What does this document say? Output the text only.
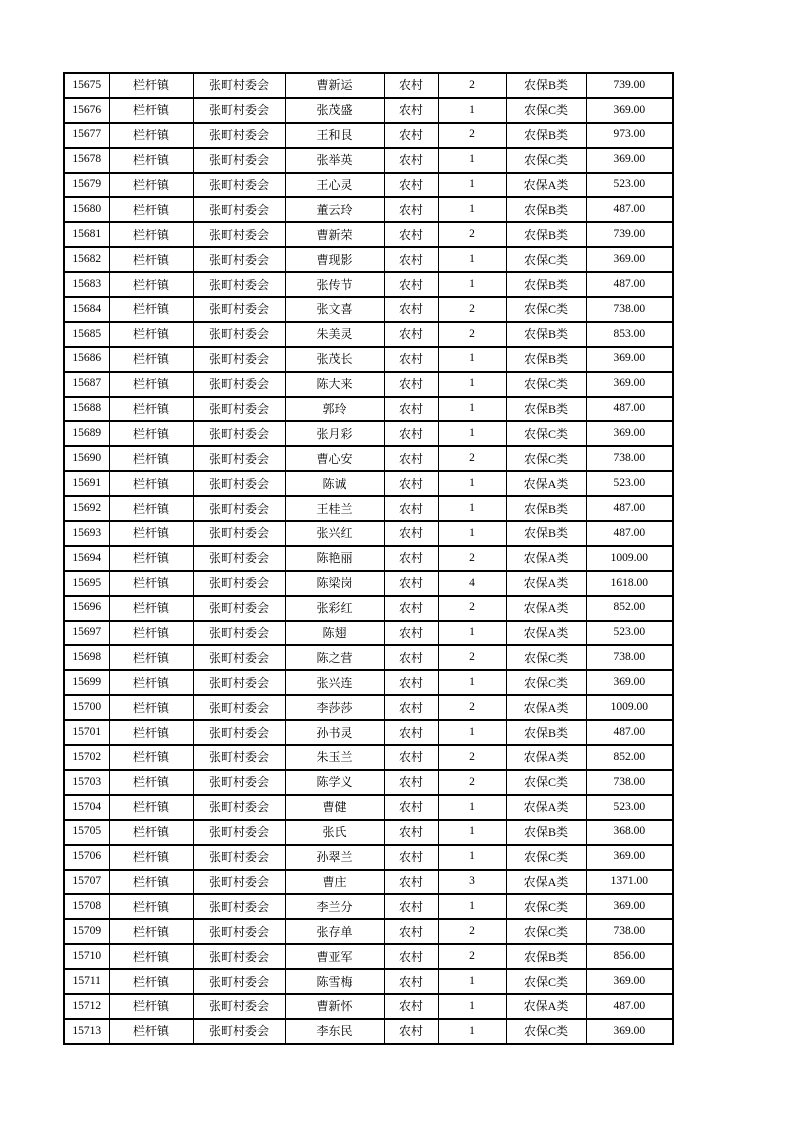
15675	栏杆镇	张町村委会	曹新运	农村	2	农保B类	739.00
15676	栏杆镇	张町村委会	张茂盛	农村	1	农保C类	369.00
15677	栏杆镇	张町村委会	王和艮	农村	2	农保B类	973.00
15678	栏杆镇	张町村委会	张举英	农村	1	农保C类	369.00
15679	栏杆镇	张町村委会	王心灵	农村	1	农保A类	523.00
15680	栏杆镇	张町村委会	董云玲	农村	1	农保B类	487.00
15681	栏杆镇	张町村委会	曹新荣	农村	2	农保B类	739.00
15682	栏杆镇	张町村委会	曹现影	农村	1	农保C类	369.00
15683	栏杆镇	张町村委会	张传节	农村	1	农保B类	487.00
15684	栏杆镇	张町村委会	张文喜	农村	2	农保C类	738.00
15685	栏杆镇	张町村委会	朱美灵	农村	2	农保B类	853.00
15686	栏杆镇	张町村委会	张茂长	农村	1	农保B类	369.00
15687	栏杆镇	张町村委会	陈大来	农村	1	农保C类	369.00
15688	栏杆镇	张町村委会	郭玲	农村	1	农保B类	487.00
15689	栏杆镇	张町村委会	张月彩	农村	1	农保C类	369.00
15690	栏杆镇	张町村委会	曹心安	农村	2	农保C类	738.00
15691	栏杆镇	张町村委会	陈诚	农村	1	农保A类	523.00
15692	栏杆镇	张町村委会	王桂兰	农村	1	农保B类	487.00
15693	栏杆镇	张町村委会	张兴红	农村	1	农保B类	487.00
15694	栏杆镇	张町村委会	陈艳丽	农村	2	农保A类	1009.00
15695	栏杆镇	张町村委会	陈梁岗	农村	4	农保A类	1618.00
15696	栏杆镇	张町村委会	张彩红	农村	2	农保A类	852.00
15697	栏杆镇	张町村委会	陈翅	农村	1	农保A类	523.00
15698	栏杆镇	张町村委会	陈之营	农村	2	农保C类	738.00
15699	栏杆镇	张町村委会	张兴连	农村	1	农保C类	369.00
15700	栏杆镇	张町村委会	李莎莎	农村	2	农保A类	1009.00
15701	栏杆镇	张町村委会	孙书灵	农村	1	农保B类	487.00
15702	栏杆镇	张町村委会	朱玉兰	农村	2	农保A类	852.00
15703	栏杆镇	张町村委会	陈学义	农村	2	农保C类	738.00
15704	栏杆镇	张町村委会	曹健	农村	1	农保A类	523.00
15705	栏杆镇	张町村委会	张氏	农村	1	农保B类	368.00
15706	栏杆镇	张町村委会	孙翠兰	农村	1	农保C类	369.00
15707	栏杆镇	张町村委会	曹庄	农村	3	农保A类	1371.00
15708	栏杆镇	张町村委会	李兰分	农村	1	农保C类	369.00
15709	栏杆镇	张町村委会	张存单	农村	2	农保C类	738.00
15710	栏杆镇	张町村委会	曹亚军	农村	2	农保B类	856.00
15711	栏杆镇	张町村委会	陈雪梅	农村	1	农保C类	369.00
15712	栏杆镇	张町村委会	曹新怀	农村	1	农保A类	487.00
15713	栏杆镇	张町村委会	李东民	农村	1	农保C类	369.00
